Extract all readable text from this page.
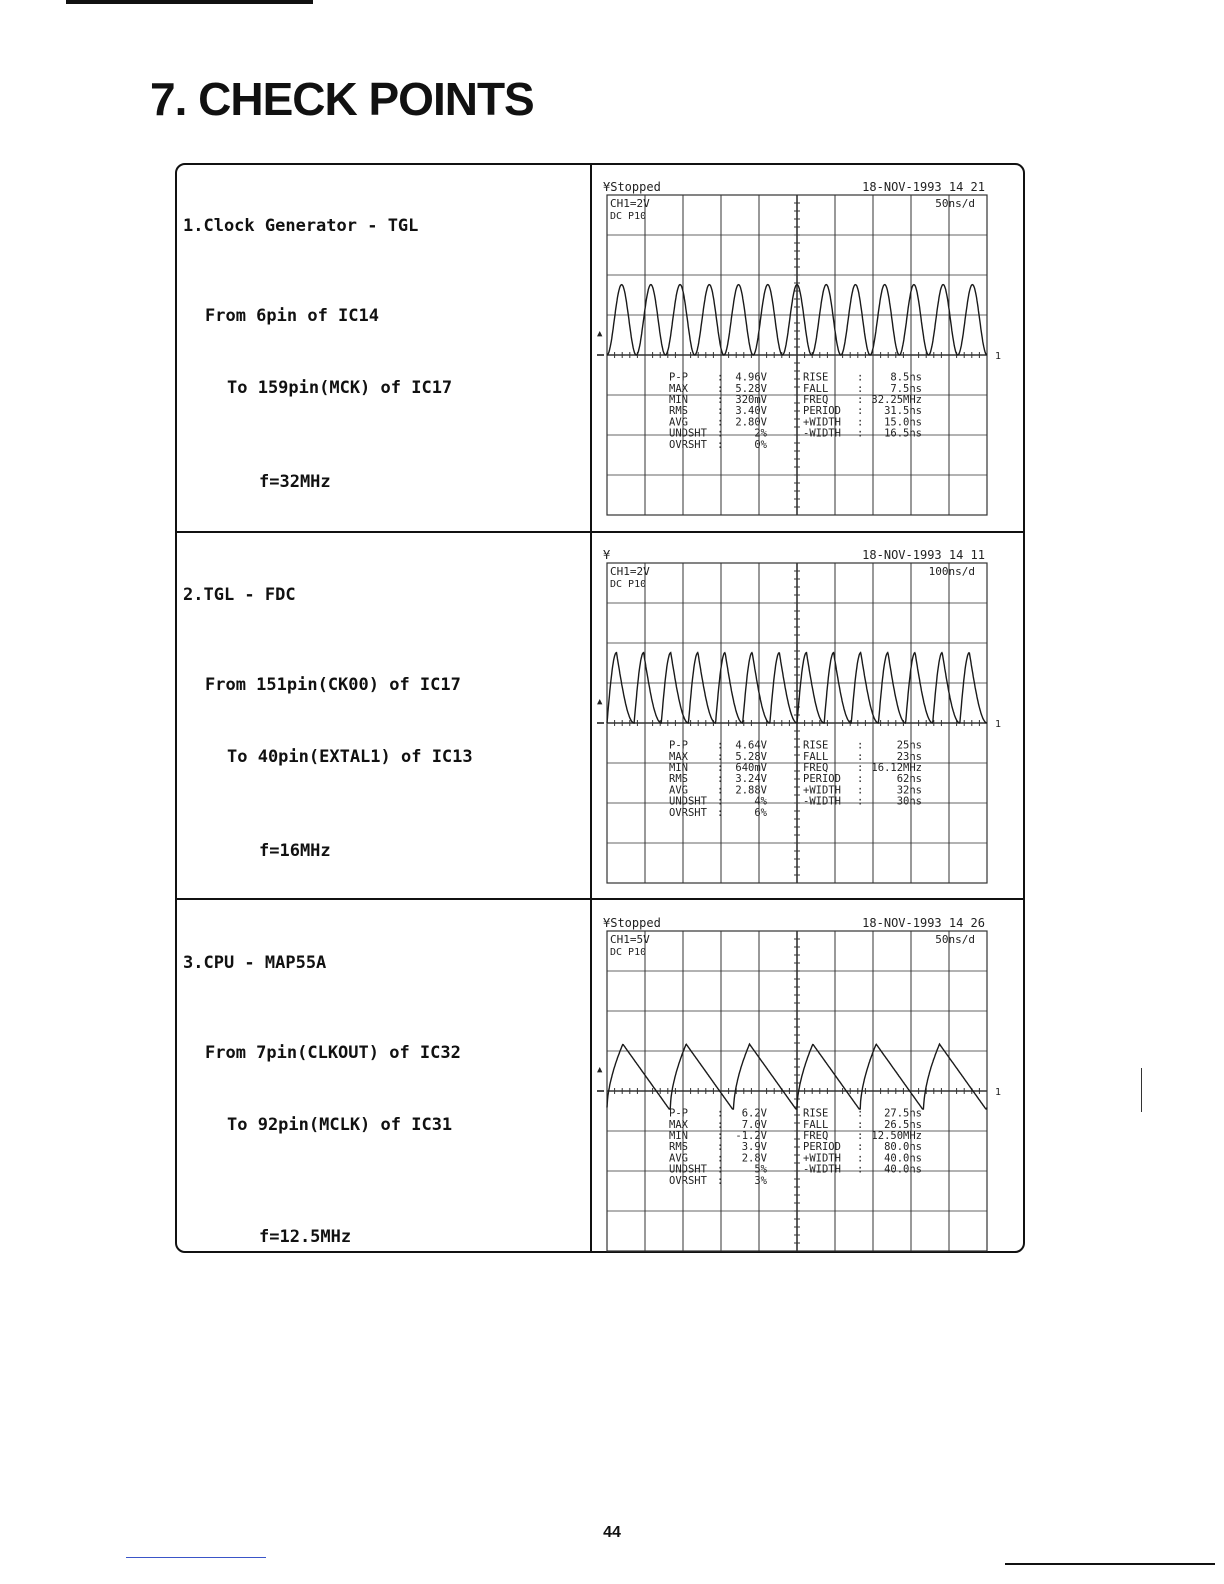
7. CHECK POINTS

1.Clock Generator - TGL

From 6pin of IC14

To 159pin(MCK) of IC17

f=32MHz

¥Stopped	18-NOV-1993 14 21
CH1=2V
DC P10
50ns/d
▲
1
P-P	: 4.96V	RISE	:	8.5ns
MAX	: 5.28V	FALL	:	7.5ns
MIN	: 320mV	FREQ	: 32.25MHz
RMS	: 3.40V	PERIOD : 31.5ns
AVG	: 2.80V	+WIDTH : 15.0ns
UNDSHT :	2%	-WIDTH : 16.5ns
OVRSHT :	0%

2.TGL - FDC

From 151pin(CK00) of IC17

To 40pin(EXTAL1) of IC13

f=16MHz

¥	18-NOV-1993 14 11
CH1=2V
DC P10
100ns/d
▲
1
P-P	: 4.64V	RISE	:	25ns
MAX	: 5.28V	FALL	:	23ns
MIN	: 640mV	FREQ	: 16.12MHz
RMS	: 3.24V	PERIOD :	62ns
AVG	: 2.88V	+WIDTH :	32ns
UNDSHT :	4%	-WIDTH :	30ns
OVRSHT :	6%

3.CPU - MAP55A

From 7pin(CLKOUT) of IC32

To 92pin(MCLK) of IC31

f=12.5MHz

¥Stopped	18-NOV-1993 14 26
CH1=5V
DC P10
50ns/d
▲
1
P-P	: 6.2V	RISE	: 27.5ns
MAX	: 7.0V	FALL	: 26.5ns
MIN	: -1.2V	FREQ	: 12.50MHz
RMS	: 3.9V	PERIOD : 80.0ns
AVG	: 2.8V	+WIDTH : 40.0ns
UNDSHT :	5%	-WIDTH : 40.0ns
OVRSHT :	3%
44
